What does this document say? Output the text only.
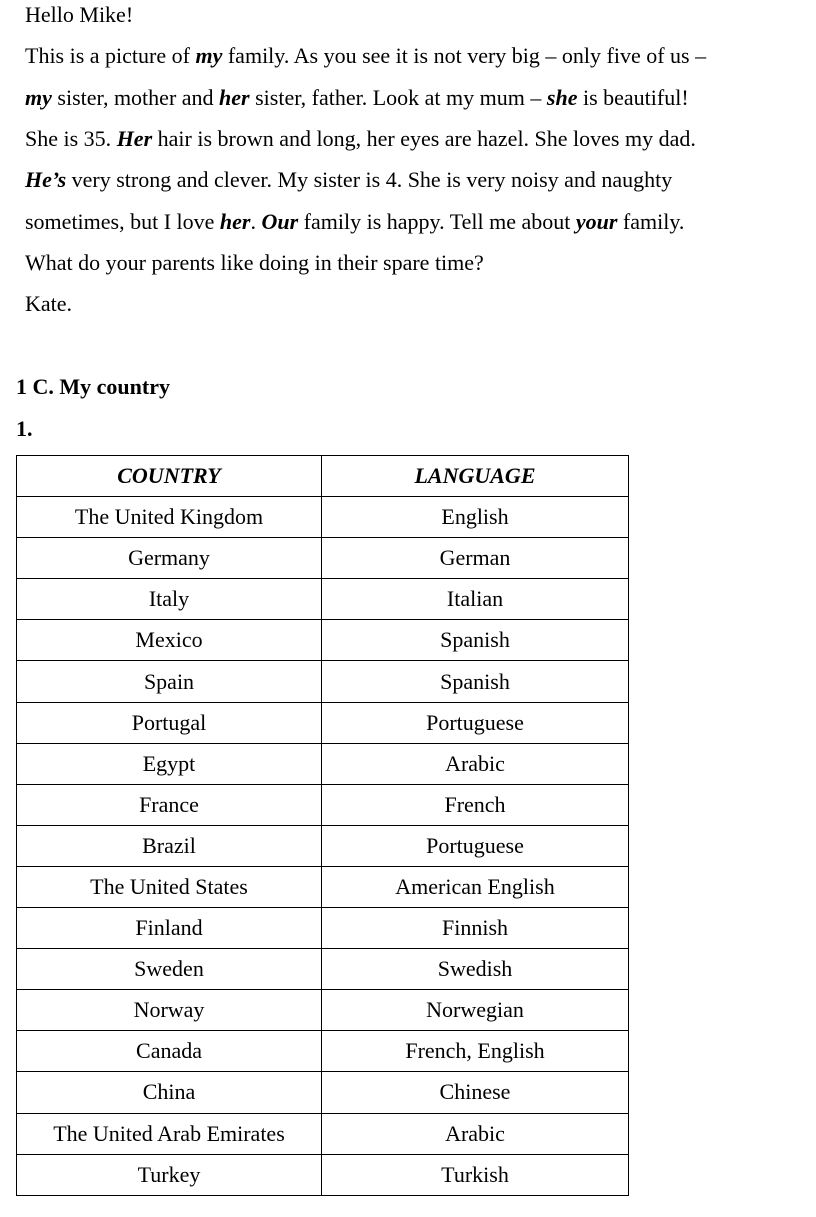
Hello Mike!
This is a picture of my family. As you see it is not very big – only five of us –
my sister, mother and her sister, father. Look at my mum – she is beautiful!
She is 35. Her hair is brown and long, her eyes are hazel. She loves my dad.
He’s very strong and clever. My sister is 4. She is very noisy and naughty
sometimes, but I love her. Our family is happy. Tell me about your family.
What do your parents like doing in their spare time?
Kate.
1 C. My country
1.
COUNTRY	LANGUAGE
The United Kingdom	English
Germany	German
Italy	Italian
Mexico	Spanish
Spain	Spanish
Portugal	Portuguese
Egypt	Arabic
France	French
Brazil	Portuguese
The United States	American English
Finland	Finnish
Sweden	Swedish
Norway	Norwegian
Canada	French, English
China	Chinese
The United Arab Emirates	Arabic
Turkey	Turkish
